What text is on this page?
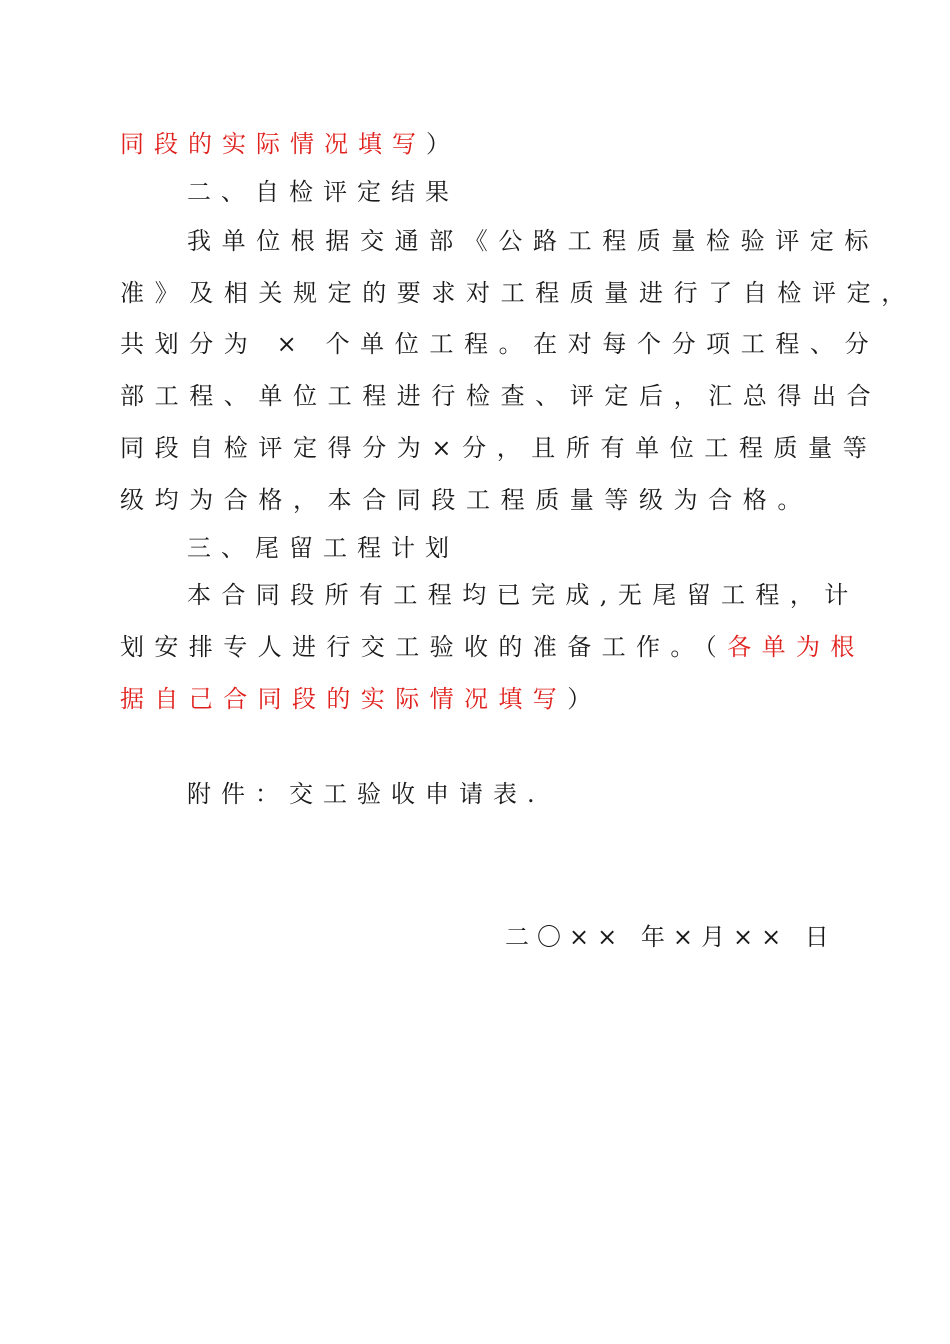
同段的实际情况填写）
二、自检评定结果
我单位根据交通部《公路工程质量检验评定标
准》及相关规定的要求对工程质量进行了自检评定，
共划分为 × 个单位工程。在对每个分项工程、分
部工程、单位工程进行检查、评定后，汇总得出合
同段自检评定得分为×分，且所有单位工程质量等
级均为合格，本合同段工程质量等级为合格。
三、尾留工程计划
本合同段所有工程均已完成,无尾留工程，计
划安排专人进行交工验收的准备工作。（各单为根
据自己合同段的实际情况填写）
附件：交工验收申请表.
二〇×× 年×月×× 日
